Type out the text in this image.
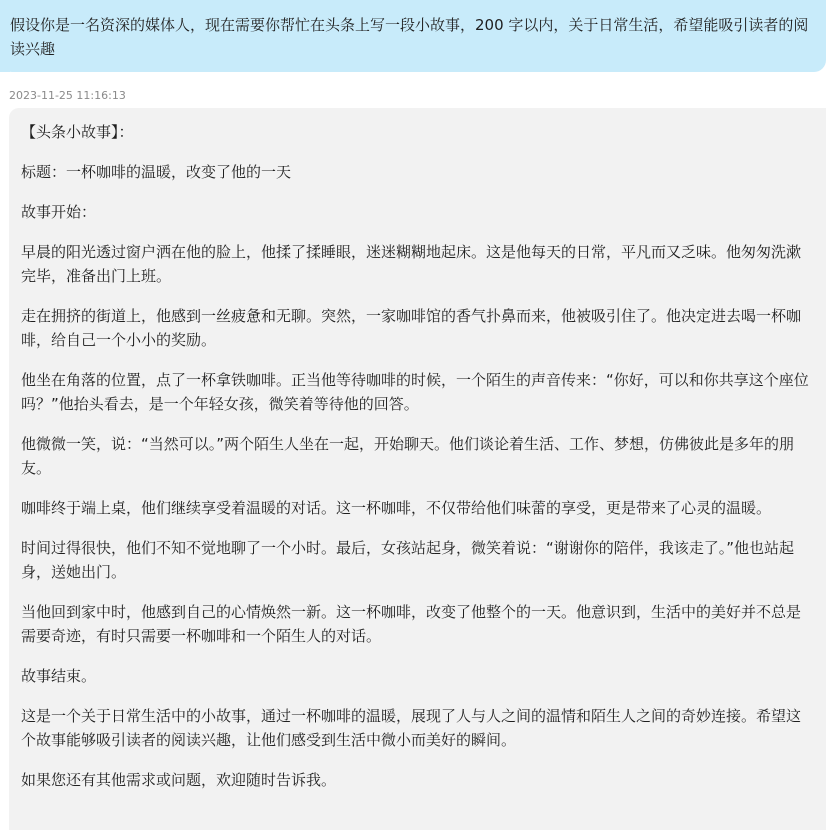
假设你是一名资深的媒体人，现在需要你帮忙在头条上写一段小故事，200 字以内，关于日常生活，希望能吸引读者的阅读兴趣

2023-11-25 11:16:13

【头条小故事】：

标题：一杯咖啡的温暖，改变了他的一天

故事开始：

早晨的阳光透过窗户洒在他的脸上，他揉了揉睡眼，迷迷糊糊地起床。这是他每天的日常，平凡而又乏味。他匆匆洗漱完毕，准备出门上班。

走在拥挤的街道上，他感到一丝疲惫和无聊。突然，一家咖啡馆的香气扑鼻而来，他被吸引住了。他决定进去喝一杯咖啡，给自己一个小小的奖励。

他坐在角落的位置，点了一杯拿铁咖啡。正当他等待咖啡的时候，一个陌生的声音传来：“你好，可以和你共享这个座位吗？”他抬头看去，是一个年轻女孩，微笑着等待他的回答。

他微微一笑，说：“当然可以。”两个陌生人坐在一起，开始聊天。他们谈论着生活、工作、梦想，仿佛彼此是多年的朋友。

咖啡终于端上桌，他们继续享受着温暖的对话。这一杯咖啡，不仅带给他们味蕾的享受，更是带来了心灵的温暖。

时间过得很快，他们不知不觉地聊了一个小时。最后，女孩站起身，微笑着说：“谢谢你的陪伴，我该走了。”他也站起身，送她出门。

当他回到家中时，他感到自己的心情焕然一新。这一杯咖啡，改变了他整个的一天。他意识到，生活中的美好并不总是需要奇迹，有时只需要一杯咖啡和一个陌生人的对话。

故事结束。

这是一个关于日常生活中的小故事，通过一杯咖啡的温暖，展现了人与人之间的温情和陌生人之间的奇妙连接。希望这个故事能够吸引读者的阅读兴趣，让他们感受到生活中微小而美好的瞬间。

如果您还有其他需求或问题，欢迎随时告诉我。
